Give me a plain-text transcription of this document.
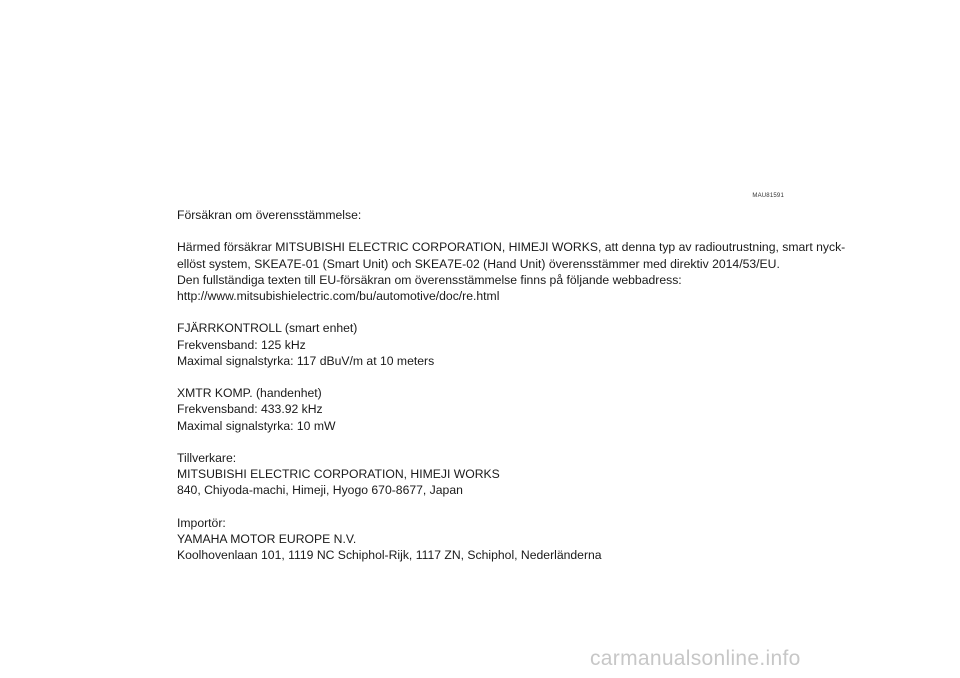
MAU81591
Försäkran om överensstämmelse:
Härmed försäkrar MITSUBISHI ELECTRIC CORPORATION, HIMEJI WORKS, att denna typ av radioutrustning, smart nyck-
ellöst system, SKEA7E-01 (Smart Unit) och SKEA7E-02 (Hand Unit) överensstämmer med direktiv 2014/53/EU.
Den fullständiga texten till EU-försäkran om överensstämmelse finns på följande webbadress:
http://www.mitsubishielectric.com/bu/automotive/doc/re.html
FJÄRRKONTROLL (smart enhet)
Frekvensband: 125 kHz
Maximal signalstyrka: 117 dBuV/m at 10 meters
XMTR KOMP. (handenhet)
Frekvensband: 433.92 kHz
Maximal signalstyrka: 10 mW
Tillverkare:
MITSUBISHI ELECTRIC CORPORATION, HIMEJI WORKS
840, Chiyoda-machi, Himeji, Hyogo 670-8677, Japan
Importör:
YAMAHA MOTOR EUROPE N.V.
Koolhovenlaan 101, 1119 NC Schiphol-Rijk, 1117 ZN, Schiphol, Nederländerna
carmanualsonline.info
